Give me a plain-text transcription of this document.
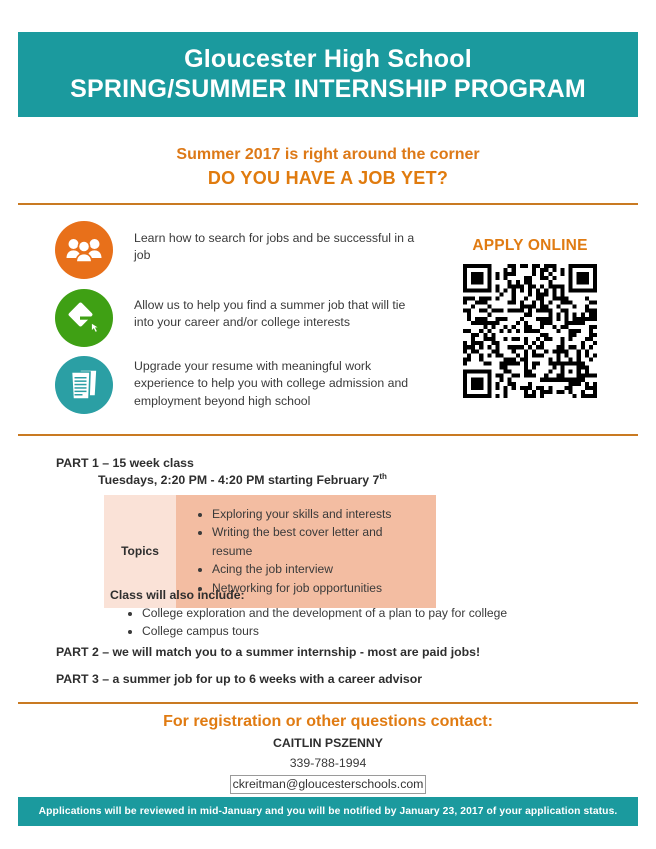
Gloucester High School
SPRING/SUMMER INTERNSHIP PROGRAM
Summer 2017 is right around the corner
DO YOU HAVE A JOB YET?
Learn how to search for jobs and be successful in a job
Allow us to help you find a summer job that will tie into your career and/or college interests
Upgrade your resume with meaningful work experience to help you with college admission and employment beyond high school
APPLY ONLINE
PART 1 – 15 week class
Tuesdays, 2:20 PM - 4:20 PM starting February 7th
Topics
• Exploring your skills and interests
• Writing the best cover letter and resume
• Acing the job interview
• Networking for job opportunities
Class will also include:
• College exploration and the development of a plan to pay for college
• College campus tours
PART 2 – we will match you to a summer internship - most are paid jobs!
PART 3 – a summer job for up to 6 weeks with a career advisor
For registration or other questions contact:
CAITLIN PSZENNY
339-788-1994
ckreitman@gloucesterschools.com
Applications will be reviewed in mid-January and you will be notified by January 23, 2017 of your application status.
